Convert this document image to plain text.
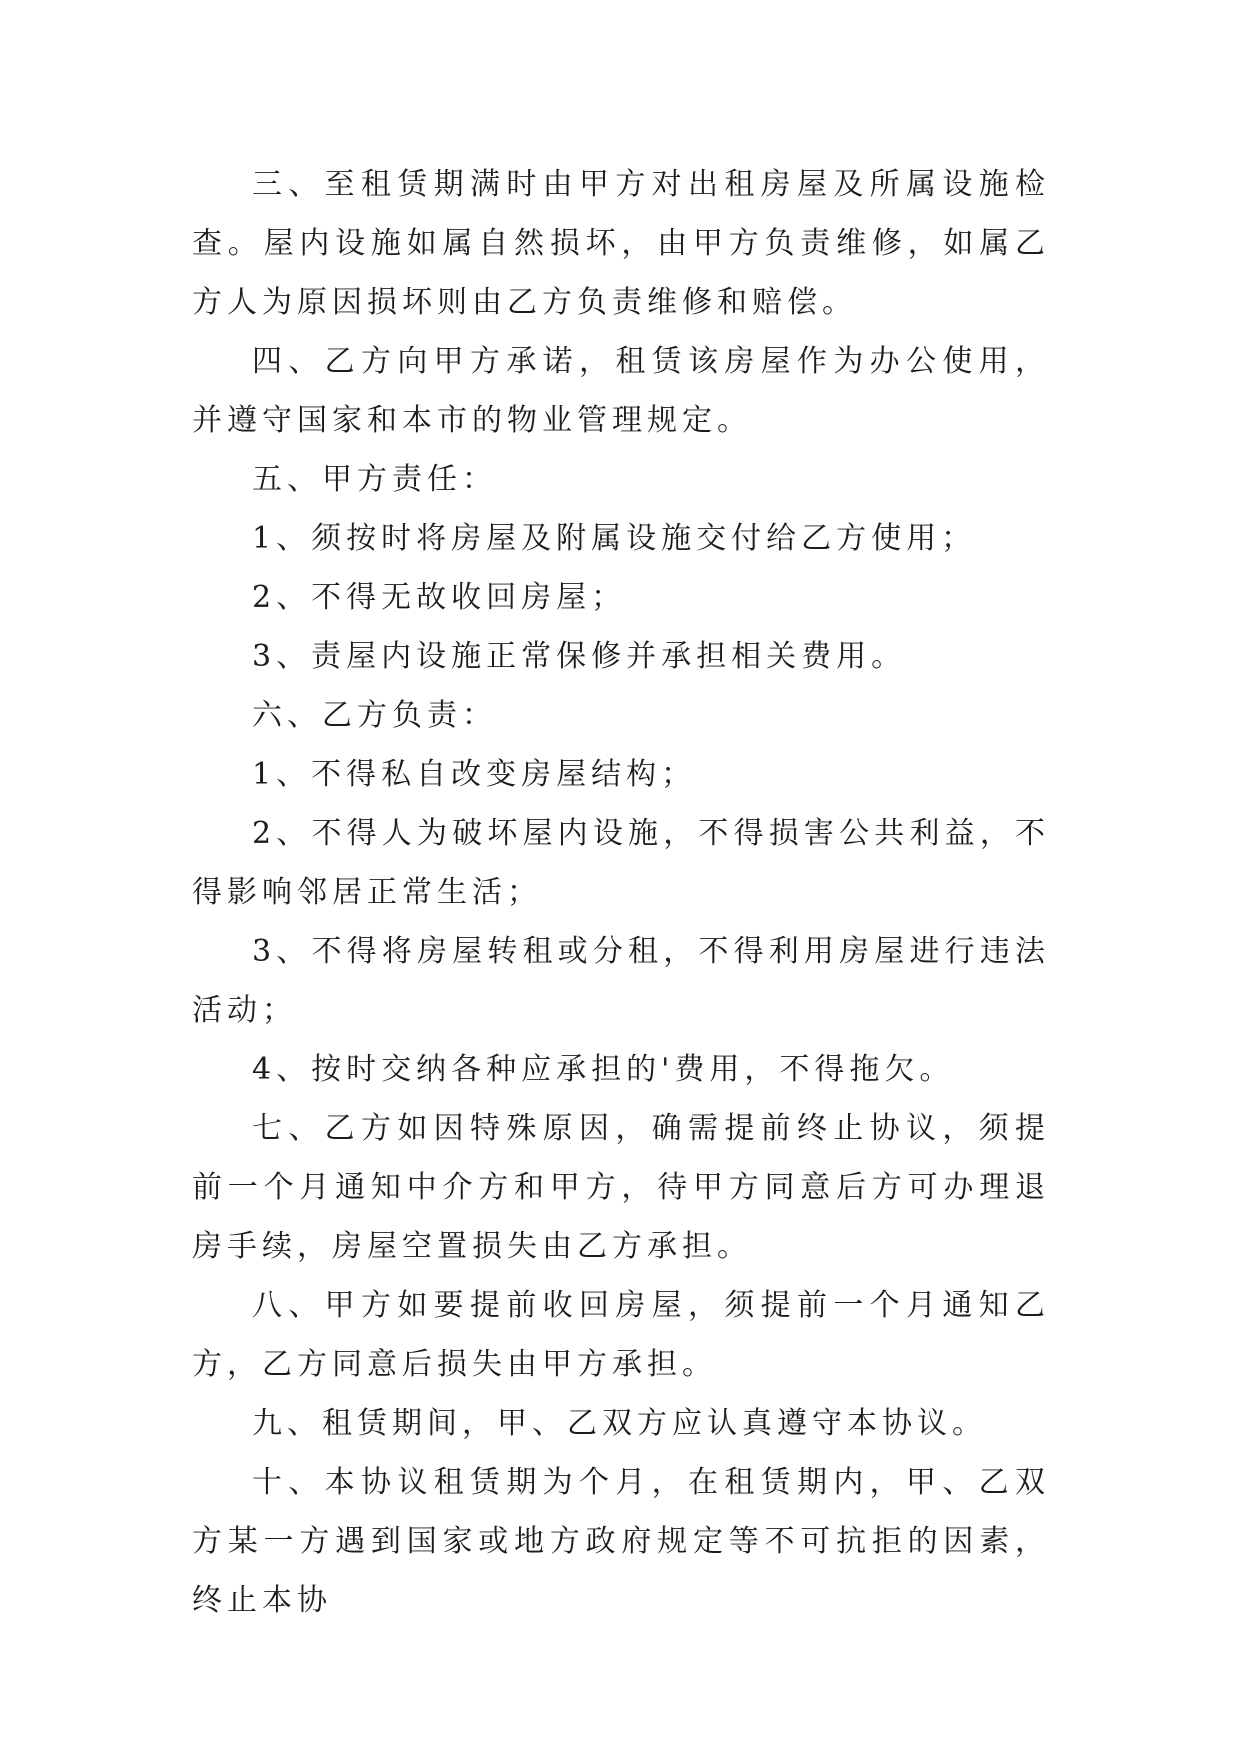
三、至租赁期满时由甲方对出租房屋及所属设施检查。屋内设施如属自然损坏，由甲方负责维修，如属乙方人为原因损坏则由乙方负责维修和赔偿。

四、乙方向甲方承诺，租赁该房屋作为办公使用，并遵守国家和本市的物业管理规定。

五、甲方责任：

1、须按时将房屋及附属设施交付给乙方使用；

2、不得无故收回房屋；

3、责屋内设施正常保修并承担相关费用。

六、乙方负责：

1、不得私自改变房屋结构；

2、不得人为破坏屋内设施，不得损害公共利益，不得影响邻居正常生活；

3、不得将房屋转租或分租，不得利用房屋进行违法活动；

4、按时交纳各种应承担的'费用，不得拖欠。

七、乙方如因特殊原因，确需提前终止协议，须提前一个月通知中介方和甲方，待甲方同意后方可办理退房手续，房屋空置损失由乙方承担。

八、甲方如要提前收回房屋，须提前一个月通知乙方，乙方同意后损失由甲方承担。

九、租赁期间，甲、乙双方应认真遵守本协议。

十、本协议租赁期为个月，在租赁期内，甲、乙双方某一方遇到国家或地方政府规定等不可抗拒的因素，终止本协
